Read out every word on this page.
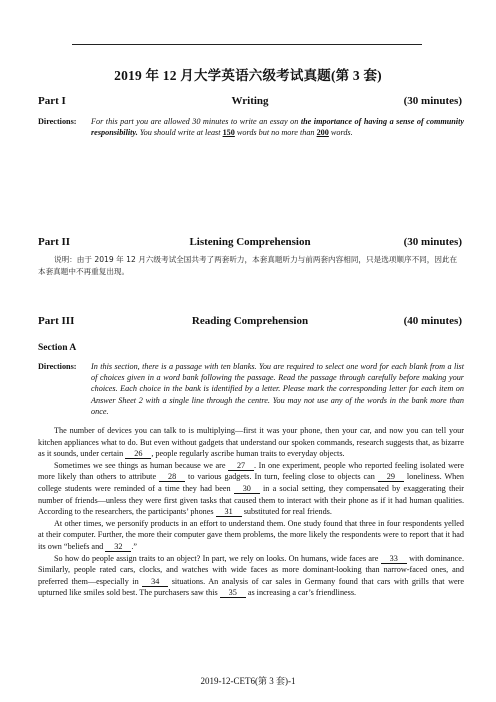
2019 年 12 月大学英语六级考试真题(第 3 套)
Part I	Writing	(30 minutes)
Directions: For this part you are allowed 30 minutes to write an essay on the importance of having a sense of community responsibility. You should write at least 150 words but no more than 200 words.
Part II	Listening Comprehension	(30 minutes)
说明：由于 2019 年 12 月六级考试全国共考了两套听力，本套真题听力与前两套内容相同，只是选项顺序不同，因此在本套真题中不再重复出现。
Part III	Reading Comprehension	(40 minutes)
Section A
Directions: In this section, there is a passage with ten blanks. You are required to select one word for each blank from a list of choices given in a word bank following the passage. Read the passage through carefully before making your choices. Each choice in the bank is identified by a letter. Please mark the corresponding letter for each item on Answer Sheet 2 with a single line through the centre. You may not use any of the words in the bank more than once.

The number of devices you can talk to is multiplying—first it was your phone, then your car, and now you can tell your kitchen appliances what to do. But even without gadgets that understand our spoken commands, research suggests that, as bizarre as it sounds, under certain 26 , people regularly ascribe human traits to everyday objects.

Sometimes we see things as human because we are 27 . In one experiment, people who reported feeling isolated were more likely than others to attribute 28 to various gadgets. In turn, feeling close to objects can 29 loneliness. When college students were reminded of a time they had been 30 in a social setting, they compensated by exaggerating their number of friends—unless they were first given tasks that caused them to interact with their phone as if it had human qualities. According to the researchers, the participants’ phones 31 substituted for real friends.

At other times, we personify products in an effort to understand them. One study found that three in four respondents yelled at their computer. Further, the more their computer gave them problems, the more likely the respondents were to report that it had its own “beliefs and 32 .”

So how do people assign traits to an object? In part, we rely on looks. On humans, wide faces are 33 with dominance. Similarly, people rated cars, clocks, and watches with wide faces as more dominant-looking than narrow-faced ones, and preferred them—especially in 34 situations. An analysis of car sales in Germany found that cars with grills that were upturned like smiles sold best. The purchasers saw this 35 as increasing a car’s friendliness.

2019-12-CET6(第 3 套)-1
